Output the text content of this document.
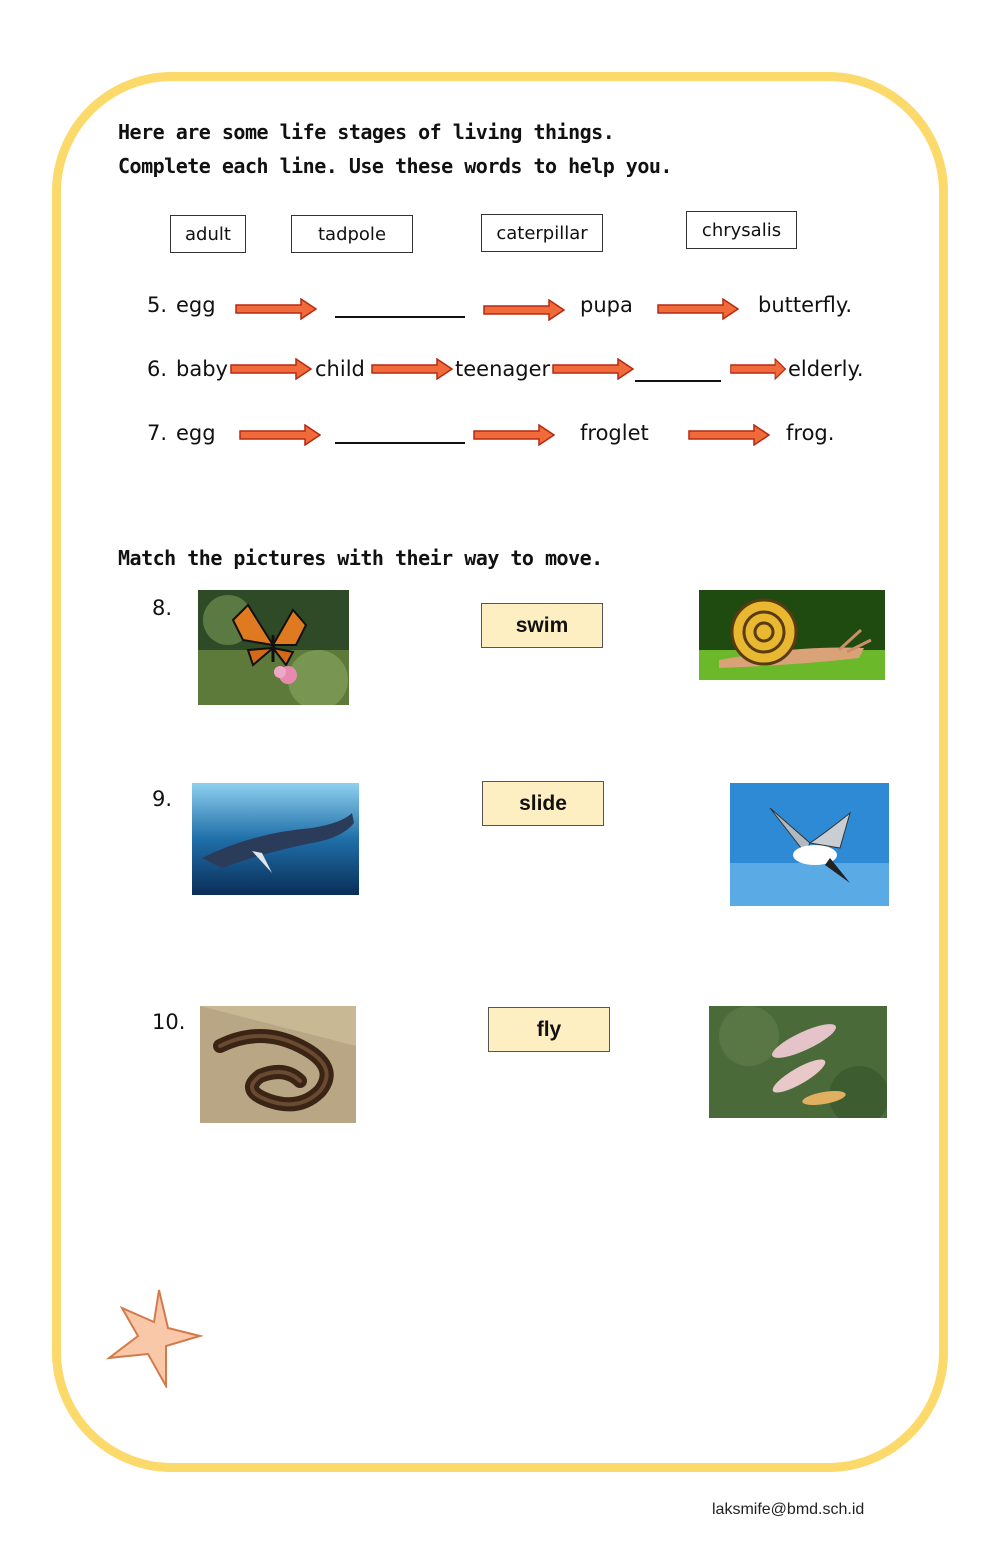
Here are some life stages of living things.
Complete each line. Use these words to help you.
adult	tadpole	caterpillar	chrysalis
5. egg	pupa	butterfly.
6. baby	child	teenager	elderly.
7. egg	froglet	frog.
Match the pictures with their way to move.
8.
swim
9.	slide
10.	fly
laksmife@bmd.sch.id
